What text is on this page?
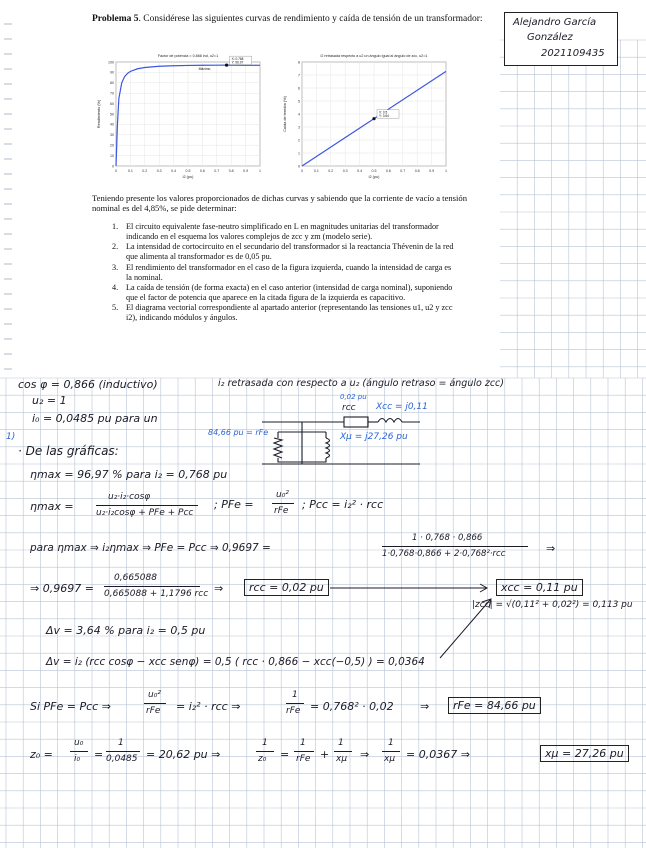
Problema 5. Considérese las siguientes curvas de rendimiento y caída de tensión de un transformador:	Alejandro García
González
2021109435
Factor de potencia = 0.866 ind, u2=1
0	0.1	0.2	0.3	0.4	0.5	0.6	0.7	0.8	0.9	1
0
10
20
30
40
50
60
70
80
90
100
i2 (pu)
Rendimiento (%)
X: 0.768
Y: 96.97
Máximo
i2 retrasada respecto a u2 un ángulo igual al ángulo de zcc, u2=1
0	0.1	0.2	0.3	0.4	0.5	0.6	0.7	0.8	0.9	1
0
1
2
3
4
5
6
7
8
i2 (pu)
Caída de tensión (%)	X: 0.5
Y: 3.64
Teniendo presente los valores proporcionados de dichas curvas y sabiendo que la corriente de vacío a tensión nominal es del 4,85%, se pide determinar:
1. El circuito equivalente fase-neutro simplificado en L en magnitudes unitarias del transformador indicando en el esquema los valores complejos de zcc y zm (modelo serie).
2. La intensidad de cortocircuito en el secundario del transformador si la reactancia Thévenin de la red que alimenta al transformador es de 0,05 pu.
3. El rendimiento del transformador en el caso de la figura izquierda, cuando la intensidad de carga es la nominal.
4. La caída de tensión (de forma exacta) en el caso anterior (intensidad de carga nominal), suponiendo que el factor de potencia que aparece en la citada figura de la izquierda es capacitivo.
5. El diagrama vectorial correspondiente al apartado anterior (representando las tensiones u1, u2 y zcc i2), indicando módulos y ángulos.
cos φ = 0,866 (inductivo)	i₂ retrasada con respecto a u₂ (ángulo retraso = ángulo zcc)
u₂ = 1
i₀ = 0,0485 pu para un
1)
· De las gráficas:
0,02 pu
rcc Xcc = j0,11
84,66 pu = rFe	Xμ = j27,26 pu
ηmax = 96,97 % para i₂ = 0,768 pu
ηmax =
u₂·i₂·cosφ
u₂·i₂cosφ + PFe + Pcc
; PFe =
u₀²
rFe ; Pcc = i₂² · rcc
para ηmax ⇒ i₂ηmax ⇒ PFe = Pcc ⇒ 0,9697 =
1 · 0,768 · 0,866
1·0,768·0,866 + 2·0,768²·rcc	⇒
⇒ 0,9697 =
0,665088
0,665088 + 1,1796 rcc ⇒	rcc = 0,02 pu	xcc = 0,11 pu
|zcc| = √(0,11² + 0,02²) = 0,113 pu
Δv = 3,64 % para i₂ = 0,5 pu
Δv = i₂ (rcc cosφ − xcc senφ) = 0,5 ( rcc · 0,866 − xcc(−0,5) ) = 0,0364
Si PFe = Pcc ⇒
u₀²
rFe = i₂² · rcc ⇒
1
rFe = 0,768² · 0,02 ⇒	rFe = 84,66 pu
z₀ =
u₀
i₀ =
1
0,0485 = 20,62 pu ⇒
1
z₀ =
1
rFe +
1
xμ ⇒
1
xμ = 0,0367 ⇒	xμ = 27,26 pu
